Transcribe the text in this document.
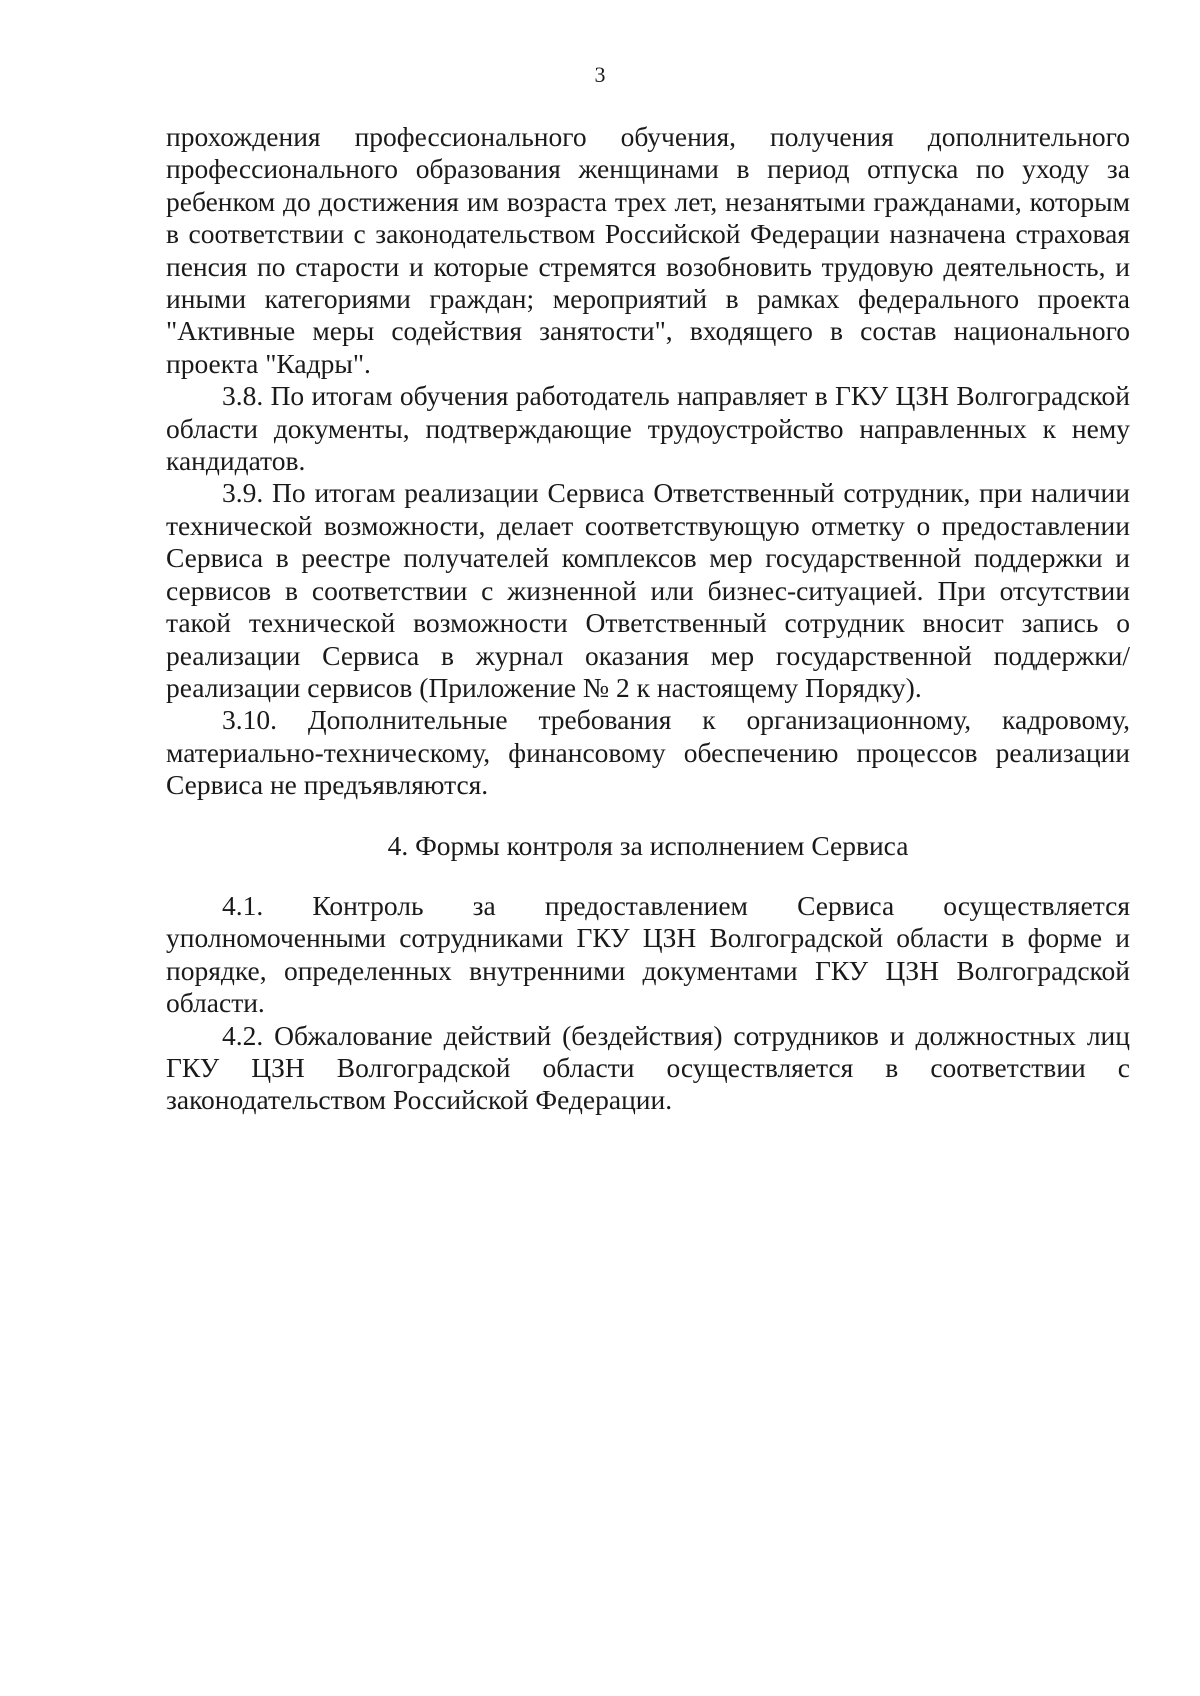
3

прохождения профессионального обучения, получения дополнительного профессионального образования женщинами в период отпуска по уходу за ребенком до достижения им возраста трех лет, незанятыми гражданами, которым в соответствии с законодательством Российской Федерации назначена страховая пенсия по старости и которые стремятся возобновить трудовую деятельность, и иными категориями граждан; мероприятий в рамках федерального проекта "Активные меры содействия занятости", входящего в состав национального проекта "Кадры".

3.8. По итогам обучения работодатель направляет в ГКУ ЦЗН Волгоградской области документы, подтверждающие трудоустройство направленных к нему кандидатов.

3.9. По итогам реализации Сервиса Ответственный сотрудник, при наличии технической возможности, делает соответствующую отметку о предоставлении Сервиса в реестре получателей комплексов мер государственной поддержки и сервисов в соответствии с жизненной или бизнес-ситуацией. При отсутствии такой технической возможности Ответственный сотрудник вносит запись о реализации Сервиса в журнал оказания мер государственной поддержки/реализации сервисов (Приложение № 2 к настоящему Порядку).

3.10. Дополнительные требования к организационному, кадровому, материально-техническому, финансовому обеспечению процессов реализации Сервиса не предъявляются.

4. Формы контроля за исполнением Сервиса

4.1. Контроль за предоставлением Сервиса осуществляется уполномоченными сотрудниками ГКУ ЦЗН Волгоградской области в форме и порядке, определенных внутренними документами ГКУ ЦЗН Волгоградской области.

4.2. Обжалование действий (бездействия) сотрудников и должностных лиц ГКУ ЦЗН Волгоградской области осуществляется в соответствии с законодательством Российской Федерации.
